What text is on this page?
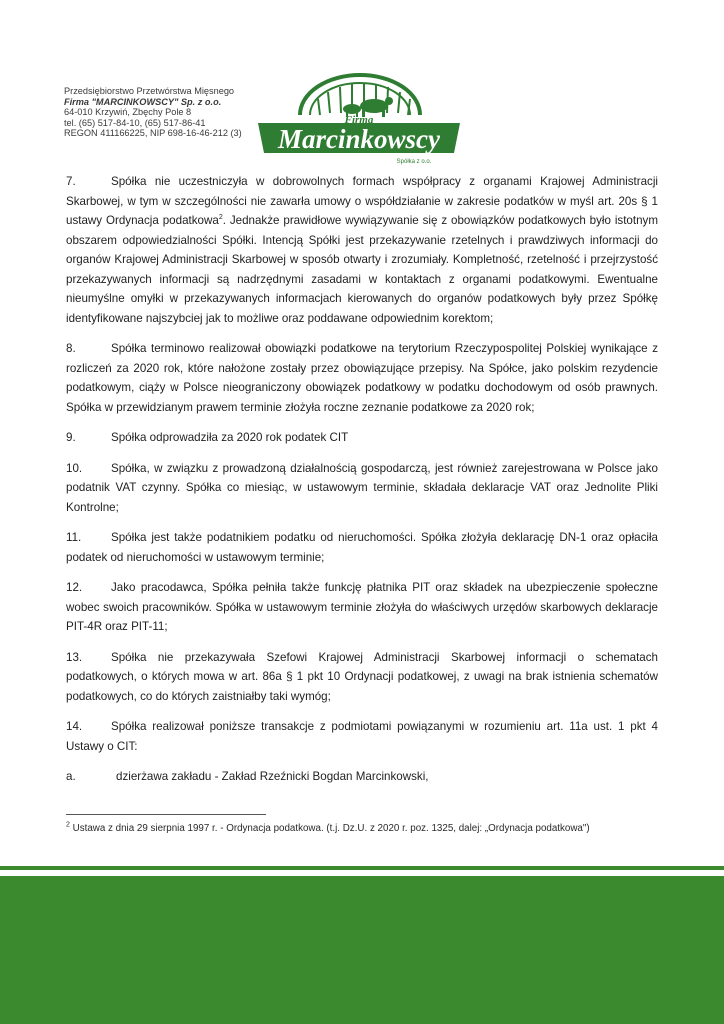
Przedsiębiorstwo Przetwórstwa Mięsnego
Firma "MARCINKOWSCY" Sp. z o.o.
64-010 Krzywiń, Zbęchy Pole 8
tel. (65) 517-84-10, (65) 517-86-41
REGON 411166225, NIP 698-16-46-212 (3)
Firma
Marcinkowscy
Spółka z o.o.

7.	Spółka nie uczestniczyła w dobrowolnych formach współpracy z organami Krajowej Administracji Skarbowej, w tym w szczególności nie zawarła umowy o współdziałanie w zakresie podatków w myśl art. 20s § 1 ustawy Ordynacja podatkowa$^2$. Jednakże prawidłowe wywiązywanie się z obowiązków podatkowych było istotnym obszarem odpowiedzialności Spółki. Intencją Spółki jest przekazywanie rzetelnych i prawdziwych informacji do organów Krajowej Administracji Skarbowej w sposób otwarty i zrozumiały. Kompletność, rzetelność i przejrzystość przekazywanych informacji są nadrzędnymi zasadami w kontaktach z organami podatkowymi. Ewentualne nieumyślne omyłki w przekazywanych informacjach kierowanych do organów podatkowych były przez Spółkę identyfikowane najszybciej jak to możliwe oraz poddawane odpowiednim korektom;

8.	Spółka terminowo realizował obowiązki podatkowe na terytorium Rzeczypospolitej Polskiej wynikające z rozliczeń za 2020 rok, które nałożone zostały przez obowiązujące przepisy. Na Spółce, jako polskim rezydencie podatkowym, ciąży w Polsce nieograniczony obowiązek podatkowy w podatku dochodowym od osób prawnych. Spółka w przewidzianym prawem terminie złożyła roczne zeznanie podatkowe za 2020 rok;

9.	Spółka odprowadziła za 2020 rok podatek CIT

10. Spółka, w związku z prowadzoną działalnością gospodarczą, jest również zarejestrowana w Polsce jako podatnik VAT czynny. Spółka co miesiąc, w ustawowym terminie, składała deklaracje VAT oraz Jednolite Pliki Kontrolne;

11.	Spółka jest także podatnikiem podatku od nieruchomości. Spółka złożyła deklarację DN-1 oraz opłaciła podatek od nieruchomości w ustawowym terminie;

12. Jako pracodawca, Spółka pełniła także funkcję płatnika PIT oraz składek na ubezpieczenie społeczne wobec swoich pracowników. Spółka w ustawowym terminie złożyła do właściwych urzędów skarbowych deklaracje PIT-4R oraz PIT-11;

13. Spółka nie przekazywała Szefowi Krajowej Administracji Skarbowej informacji o schematach podatkowych, o których mowa w art. 86a § 1 pkt 10 Ordynacji podatkowej, z uwagi na brak istnienia schematów podatkowych, co do których zaistniałby taki wymóg;

14. Spółka realizował poniższe transakcje z podmiotami powiązanymi w rozumieniu art. 11a ust. 1 pkt 4 Ustawy o CIT:

a.	dzierżawa zakładu - Zakład Rzeźnicki Bogdan Marcinkowski,

$^2$ Ustawa z dnia 29 sierpnia 1997 r. - Ordynacja podatkowa. (t.j. Dz.U. z 2020 r. poz. 1325, dalej: „Ordynacja podatkowa")
